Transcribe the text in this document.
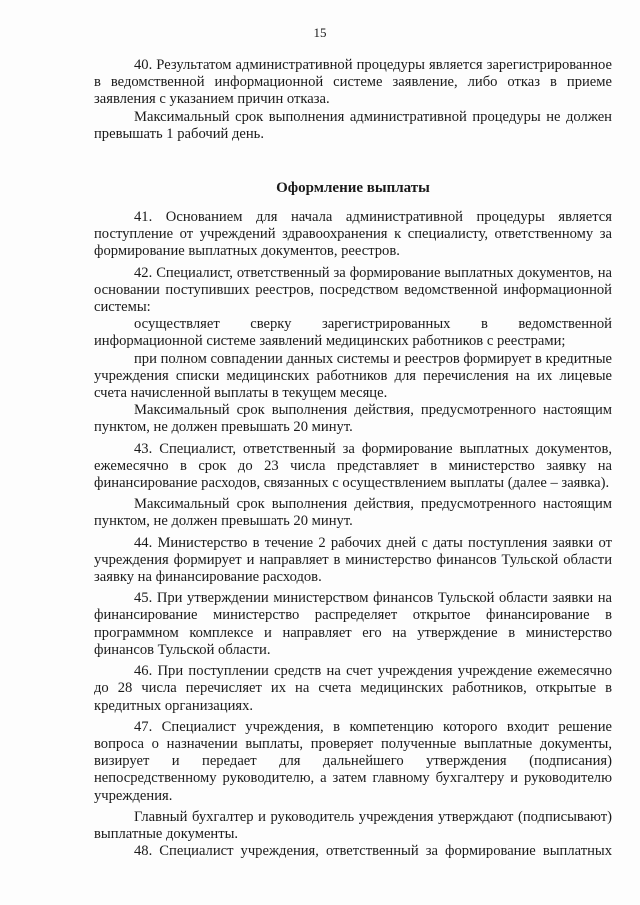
15

40. Результатом административной процедуры является зарегистрированное в ведомственной информационной системе заявление, либо отказ в приеме заявления с указанием причин отказа.

Максимальный срок выполнения административной процедуры не должен превышать 1 рабочий день.

Оформление выплаты

41. Основанием для начала административной процедуры является поступление от учреждений здравоохранения к специалисту, ответственному за формирование выплатных документов, реестров.

42. Специалист, ответственный за формирование выплатных документов, на основании поступивших реестров, посредством ведомственной информационной системы:

осуществляет сверку зарегистрированных в ведомственной информационной системе заявлений медицинских работников с реестрами;

при полном совпадении данных системы и реестров формирует в кредитные учреждения списки медицинских работников для перечисления на их лицевые счета начисленной выплаты в текущем месяце.

Максимальный срок выполнения действия, предусмотренного настоящим пунктом, не должен превышать 20 минут.

43. Специалист, ответственный за формирование выплатных документов, ежемесячно в срок до 23 числа представляет в министерство заявку на финансирование расходов, связанных с осуществлением выплаты (далее – заявка).

Максимальный срок выполнения действия, предусмотренного настоящим пунктом, не должен превышать 20 минут.

44. Министерство в течение 2 рабочих дней с даты поступления заявки от учреждения формирует и направляет в министерство финансов Тульской области заявку на финансирование расходов.

45. При утверждении министерством финансов Тульской области заявки на финансирование министерство распределяет открытое финансирование в программном комплексе и направляет его на утверждение в министерство финансов Тульской области.

46. При поступлении средств на счет учреждения учреждение ежемесячно до 28 числа перечисляет их на счета медицинских работников, открытые в кредитных организациях.

47. Специалист учреждения, в компетенцию которого входит решение вопроса о назначении выплаты, проверяет полученные выплатные документы, визирует и передает для дальнейшего утверждения (подписания) непосредственному руководителю, а затем главному бухгалтеру и руководителю учреждения.

Главный бухгалтер и руководитель учреждения утверждают (подписывают) выплатные документы.

48. Специалист учреждения, ответственный за формирование выплатных
